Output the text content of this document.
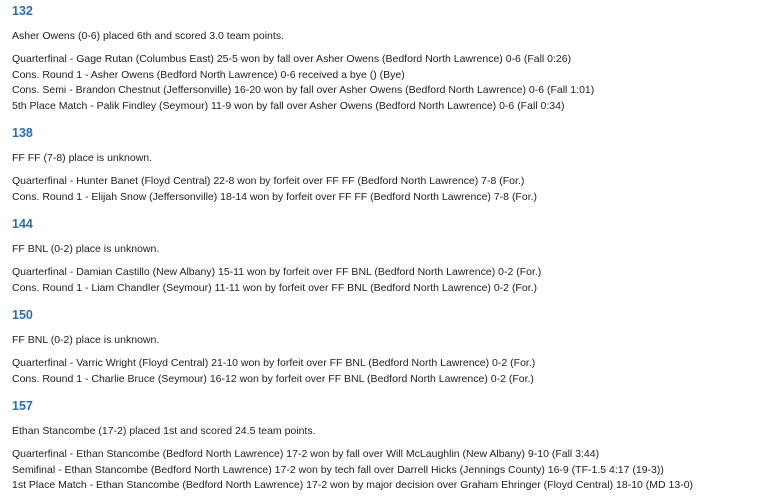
132
Asher Owens (0-6) placed 6th and scored 3.0 team points.
Quarterfinal - Gage Rutan (Columbus East) 25-5 won by fall over Asher Owens (Bedford North Lawrence) 0-6 (Fall 0:26)
Cons. Round 1 - Asher Owens (Bedford North Lawrence) 0-6 received a bye () (Bye)
Cons. Semi - Brandon Chestnut (Jeffersonville) 16-20 won by fall over Asher Owens (Bedford North Lawrence) 0-6 (Fall 1:01)
5th Place Match - Palik Findley (Seymour) 11-9 won by fall over Asher Owens (Bedford North Lawrence) 0-6 (Fall 0:34)
138
FF FF (7-8) place is unknown.
Quarterfinal - Hunter Banet (Floyd Central) 22-8 won by forfeit over FF FF (Bedford North Lawrence) 7-8 (For.)
Cons. Round 1 - Elijah Snow (Jeffersonville) 18-14 won by forfeit over FF FF (Bedford North Lawrence) 7-8 (For.)
144
FF BNL (0-2) place is unknown.
Quarterfinal - Damian Castillo (New Albany) 15-11 won by forfeit over FF BNL (Bedford North Lawrence) 0-2 (For.)
Cons. Round 1 - Liam Chandler (Seymour) 11-11 won by forfeit over FF BNL (Bedford North Lawrence) 0-2 (For.)
150
FF BNL (0-2) place is unknown.
Quarterfinal - Varric Wright (Floyd Central) 21-10 won by forfeit over FF BNL (Bedford North Lawrence) 0-2 (For.)
Cons. Round 1 - Charlie Bruce (Seymour) 16-12 won by forfeit over FF BNL (Bedford North Lawrence) 0-2 (For.)
157
Ethan Stancombe (17-2) placed 1st and scored 24.5 team points.
Quarterfinal - Ethan Stancombe (Bedford North Lawrence) 17-2 won by fall over Will McLaughlin (New Albany) 9-10 (Fall 3:44)
Semifinal - Ethan Stancombe (Bedford North Lawrence) 17-2 won by tech fall over Darrell Hicks (Jennings County) 16-9 (TF-1.5 4:17 (19-3))
1st Place Match - Ethan Stancombe (Bedford North Lawrence) 17-2 won by major decision over Graham Ehringer (Floyd Central) 18-10 (MD 13-0)
